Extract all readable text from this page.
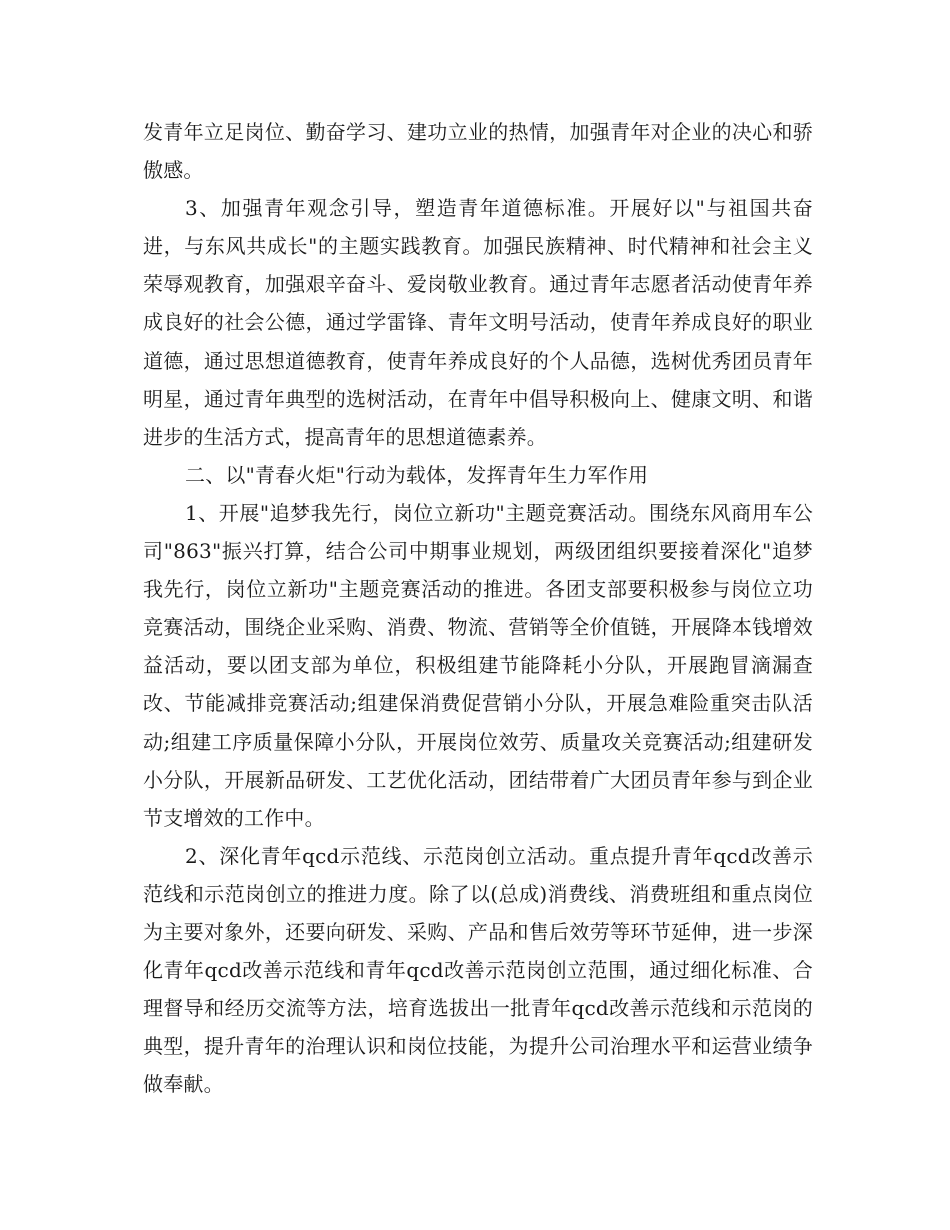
发青年立足岗位、勤奋学习、建功立业的热情，加强青年对企业的决心和骄傲感。

3、加强青年观念引导，塑造青年道德标准。开展好以"与祖国共奋进，与东风共成长"的主题实践教育。加强民族精神、时代精神和社会主义荣辱观教育，加强艰辛奋斗、爱岗敬业教育。通过青年志愿者活动使青年养成良好的社会公德，通过学雷锋、青年文明号活动，使青年养成良好的职业道德，通过思想道德教育，使青年养成良好的个人品德，选树优秀团员青年明星，通过青年典型的选树活动，在青年中倡导积极向上、健康文明、和谐进步的生活方式，提高青年的思想道德素养。

二、以"青春火炬"行动为载体，发挥青年生力军作用

1、开展"追梦我先行，岗位立新功"主题竞赛活动。围绕东风商用车公司"863"振兴打算，结合公司中期事业规划，两级团组织要接着深化"追梦我先行，岗位立新功"主题竞赛活动的推进。各团支部要积极参与岗位立功竞赛活动，围绕企业采购、消费、物流、营销等全价值链，开展降本钱增效益活动，要以团支部为单位，积极组建节能降耗小分队，开展跑冒滴漏查改、节能减排竞赛活动;组建保消费促营销小分队，开展急难险重突击队活动;组建工序质量保障小分队，开展岗位效劳、质量攻关竞赛活动;组建研发小分队，开展新品研发、工艺优化活动，团结带着广大团员青年参与到企业节支增效的工作中。

2、深化青年qcd示范线、示范岗创立活动。重点提升青年qcd改善示范线和示范岗创立的推进力度。除了以(总成)消费线、消费班组和重点岗位为主要对象外，还要向研发、采购、产品和售后效劳等环节延伸，进一步深化青年qcd改善示范线和青年qcd改善示范岗创立范围，通过细化标准、合理督导和经历交流等方法，培育选拔出一批青年qcd改善示范线和示范岗的典型，提升青年的治理认识和岗位技能，为提升公司治理水平和运营业绩争做奉献。
